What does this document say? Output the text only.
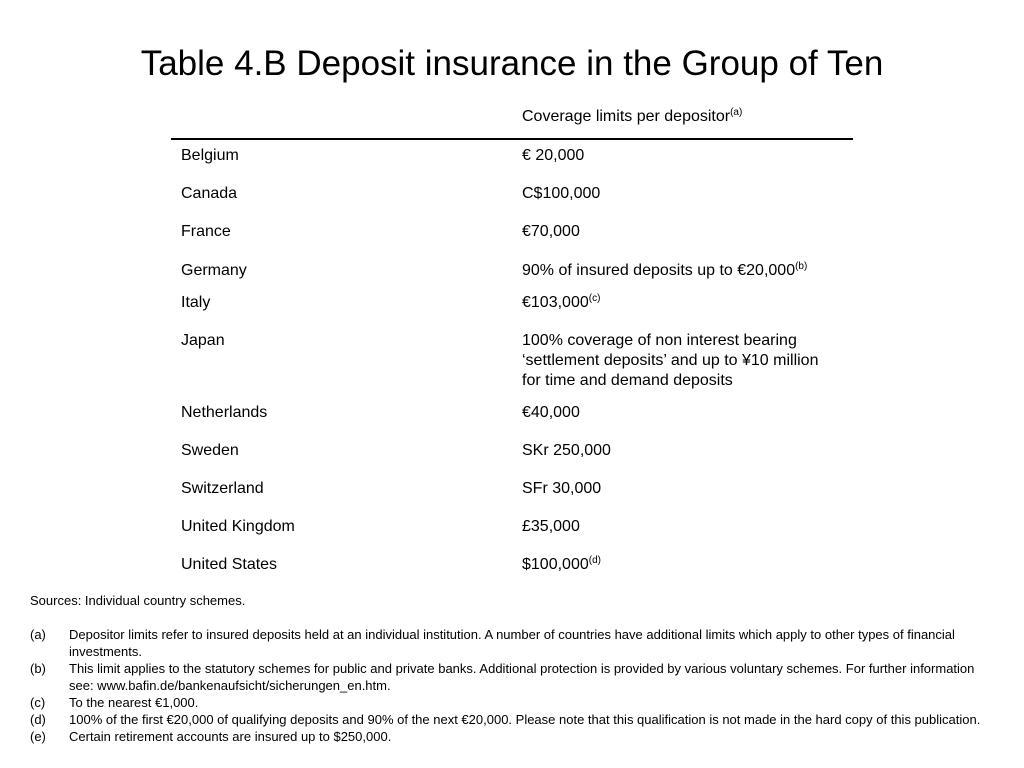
Table 4.B Deposit insurance in the Group of Ten
Coverage limits per depositor$^{(a)}$
Belgium	€ 20,000
Canada	C$100,000
France	€70,000
Germany	90% of insured deposits up to €20,000$^{(b)}$
Italy	€103,000$^{(c)}$
Japan	100% coverage of non interest bearing
‘settlement deposits’ and up to ¥10 million
for time and demand deposits
Netherlands	€40,000
Sweden	SKr 250,000
Switzerland	SFr 30,000
United Kingdom	£35,000
United States	$100,000$^{(d)}$
Sources: Individual country schemes.
(a) Depositor limits refer to insured deposits held at an individual institution. A number of countries have additional limits which apply to other types of financial investments.
(b) This limit applies to the statutory schemes for public and private banks. Additional protection is provided by various voluntary schemes. For further information see: www.bafin.de/bankenaufsicht/sicherungen_en.htm.
(c) To the nearest €1,000.
(d) 100% of the first €20,000 of qualifying deposits and 90% of the next €20,000. Please note that this qualification is not made in the hard copy of this publication.
(e) Certain retirement accounts are insured up to $250,000.
